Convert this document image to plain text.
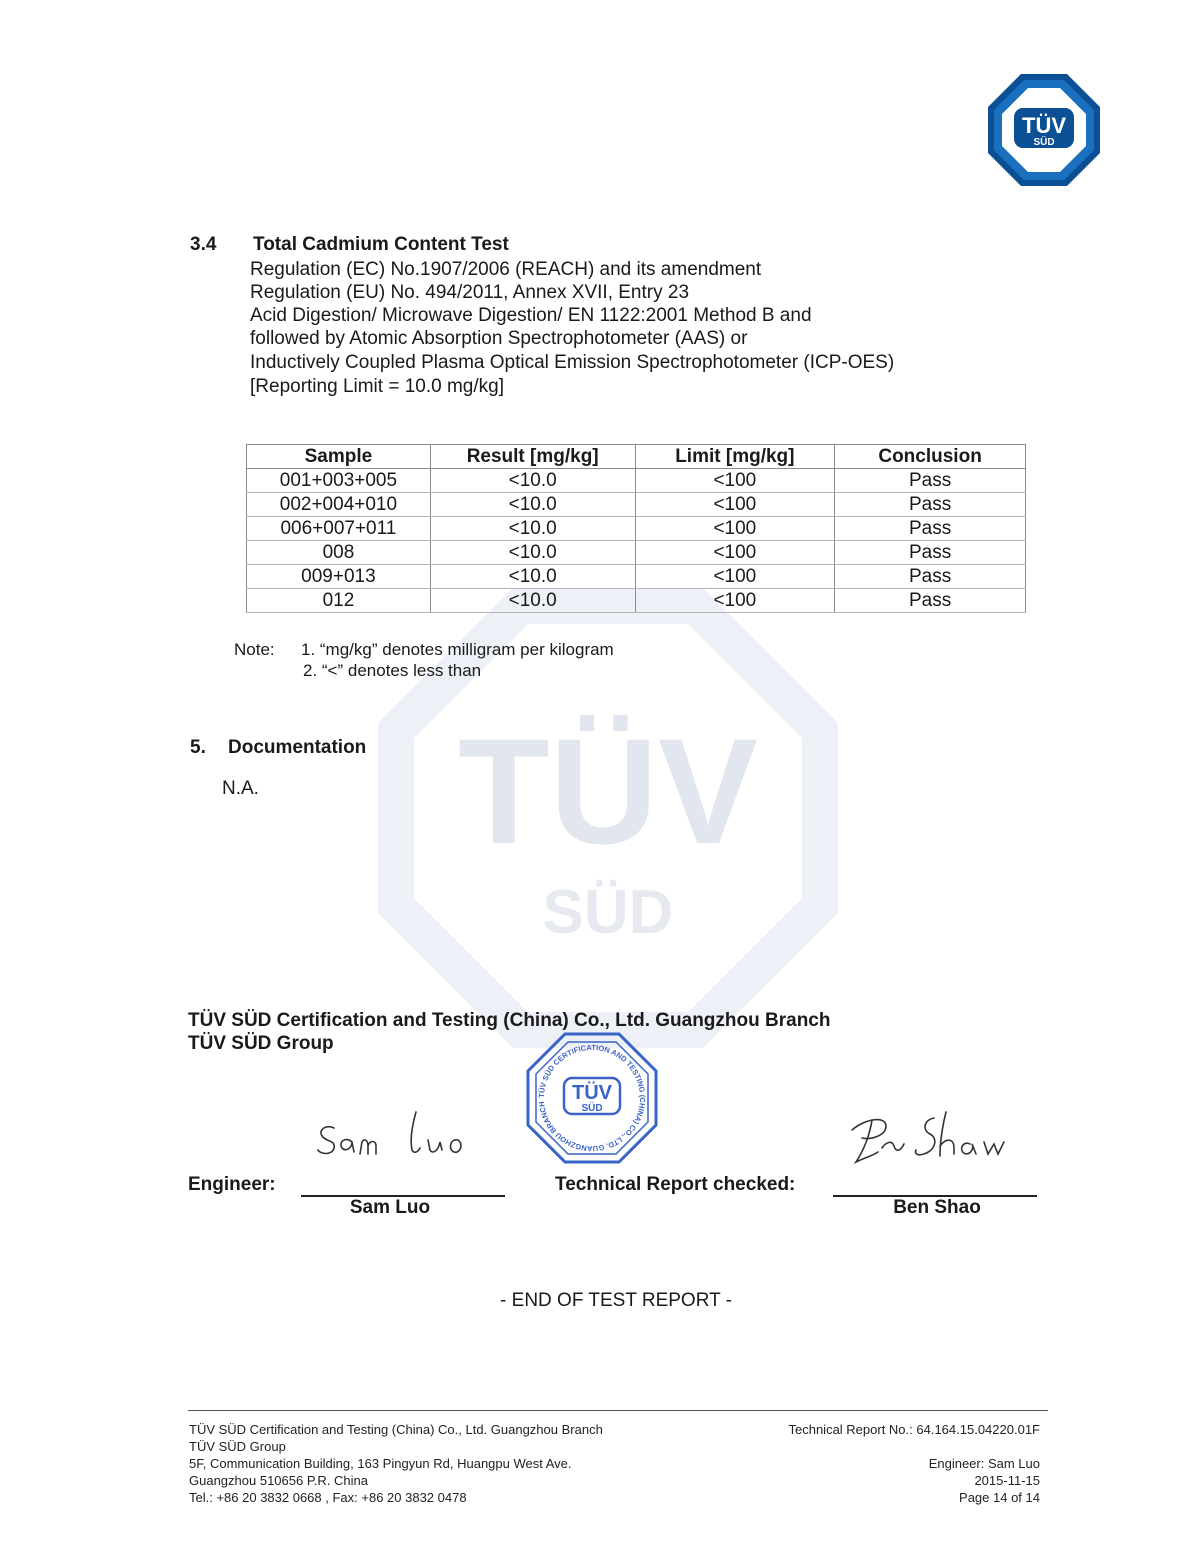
TÜV
SÜD
TÜV
SÜD
3.4 Total Cadmium Content Test
Regulation (EC) No.1907/2006 (REACH) and its amendment
Regulation (EU) No. 494/2011, Annex XVII, Entry 23
Acid Digestion/ Microwave Digestion/ EN 1122:2001 Method B and
followed by Atomic Absorption Spectrophotometer (AAS) or
Inductively Coupled Plasma Optical Emission Spectrophotometer (ICP-OES)
[Reporting Limit = 10.0 mg/kg]
Sample	Result [mg/kg]	Limit [mg/kg]	Conclusion
001+003+005	<10.0	<100	Pass
002+004+010	<10.0	<100	Pass
006+007+011	<10.0	<100	Pass
008	<10.0	<100	Pass
009+013	<10.0	<100	Pass
012	<10.0	<100	Pass
Note: 1. “mg/kg” denotes milligram per kilogram
2. “<” denotes less than
5. Documentation
N.A.
TÜV SÜD Certification and Testing (China) Co., Ltd. Guangzhou Branch
TÜV SÜD Group
TÜV SÜD CERTIFICATION AND TESTING (CHINA) CO., LTD. GUANGZHOU BRANCH
TÜV
SÜD
Engineer:
Sam Luo
Technical Report checked:
Ben Shao
- END OF TEST REPORT -
TÜV SÜD Certification and Testing (China) Co., Ltd. Guangzhou Branch
TÜV SÜD Group
5F, Communication Building, 163 Pingyun Rd, Huangpu West Ave.
Guangzhou 510656 P.R. China
Tel.: +86 20 3832 0668 , Fax: +86 20 3832 0478
Technical Report No.: 64.164.15.04220.01F
Engineer: Sam Luo
2015-11-15
Page 14 of 14
